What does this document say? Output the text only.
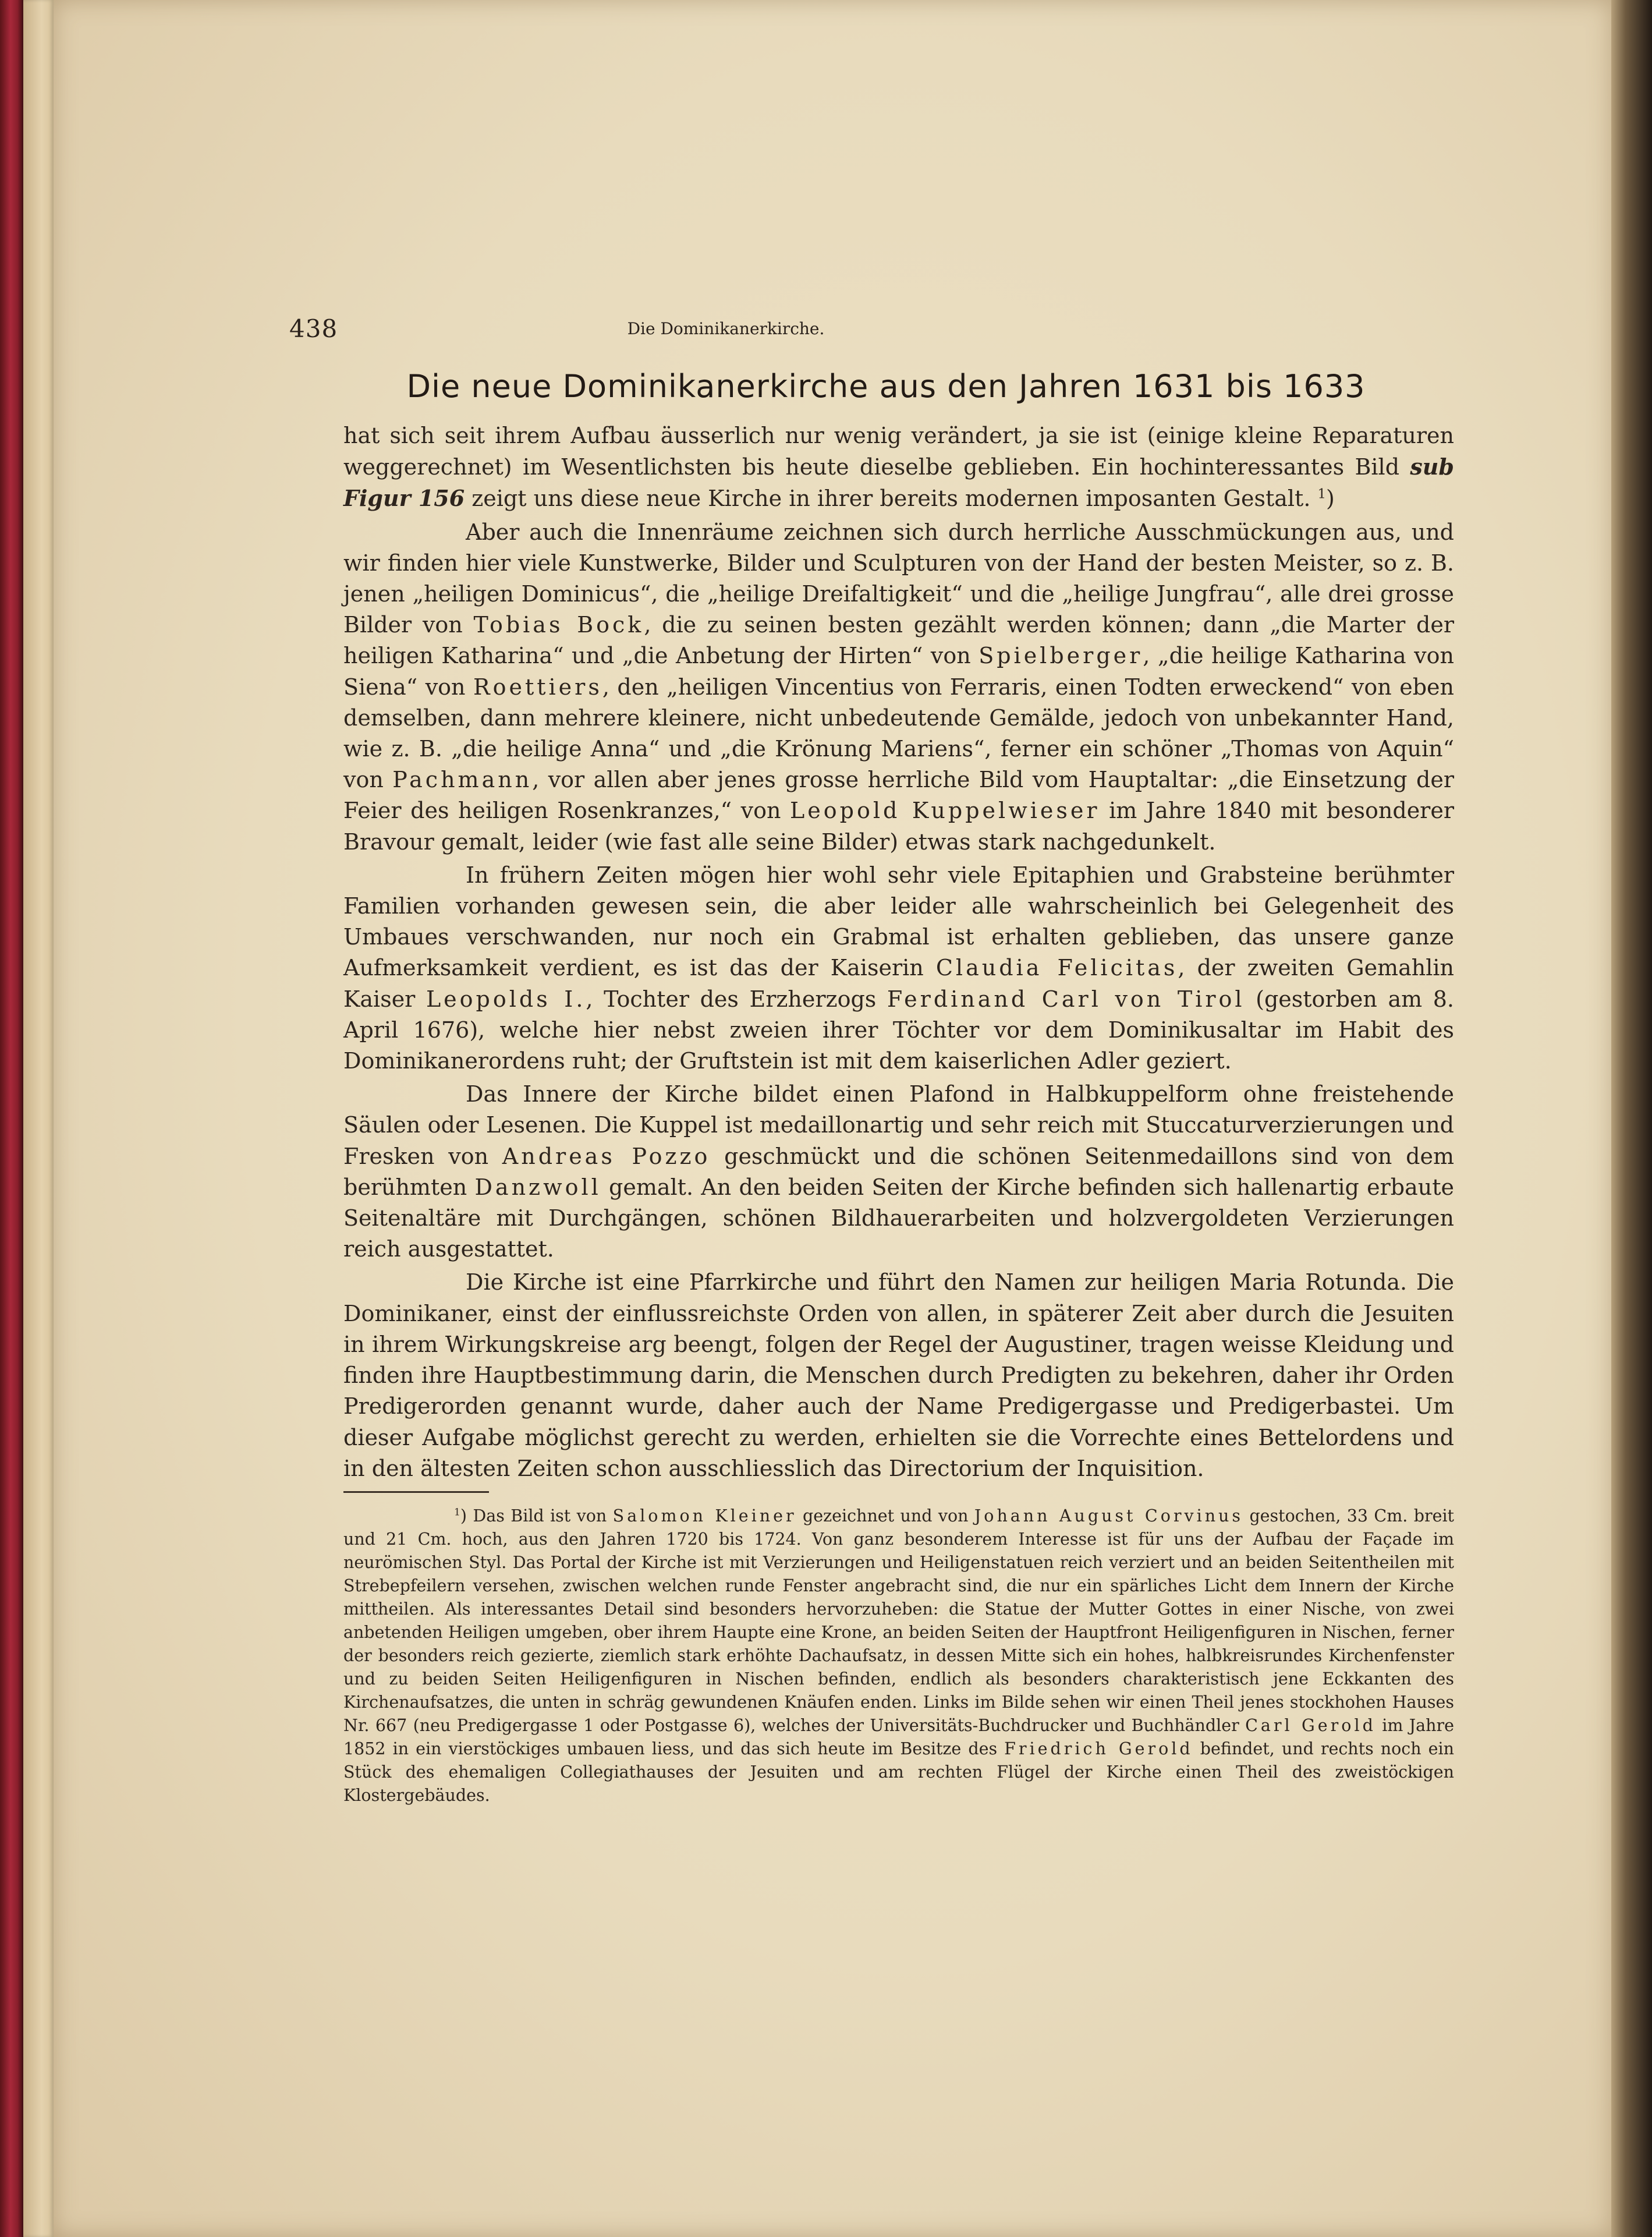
438	Die Dominikanerkirche.
Die neue Dominikanerkirche aus den Jahren 1631 bis 1633

hat sich seit ihrem Aufbau äusserlich nur wenig verändert, ja sie ist (einige kleine Reparaturen weggerechnet) im Wesentlichsten bis heute dieselbe geblieben. Ein hochinteressantes Bild sub Figur 156 zeigt uns diese neue Kirche in ihrer bereits modernen imposanten Gestalt. $^1$)

Aber auch die Innenräume zeichnen sich durch herrliche Ausschmückungen aus, und wir finden hier viele Kunstwerke, Bilder und Sculpturen von der Hand der besten Meister, so z. B. jenen „heiligen Dominicus“, die „heilige Dreifaltigkeit“ und die „heilige Jungfrau“, alle drei grosse Bilder von Tobias Bock, die zu seinen besten gezählt werden können; dann „die Marter der heiligen Katharina“ und „die Anbetung der Hirten“ von Spielberger, „die heilige Katharina von Siena“ von Roettiers, den „heiligen Vincentius von Ferraris, einen Todten erweckend“ von eben demselben, dann mehrere kleinere, nicht unbedeutende Gemälde, jedoch von unbekannter Hand, wie z. B. „die heilige Anna“ und „die Krönung Mariens“, ferner ein schöner „Thomas von Aquin“ von Pachmann, vor allen aber jenes grosse herrliche Bild vom Hauptaltar: „die Einsetzung der Feier des heiligen Rosenkranzes,“ von Leopold Kuppelwieser im Jahre 1840 mit besonderer Bravour gemalt, leider (wie fast alle seine Bilder) etwas stark nachgedunkelt.

In frühern Zeiten mögen hier wohl sehr viele Epitaphien und Grabsteine berühmter Familien vorhanden gewesen sein, die aber leider alle wahrscheinlich bei Gelegenheit des Umbaues verschwanden, nur noch ein Grabmal ist erhalten geblieben, das unsere ganze Aufmerksamkeit verdient, es ist das der Kaiserin Claudia Felicitas, der zweiten Gemahlin Kaiser Leopolds I., Tochter des Erzherzogs Ferdinand Carl von Tirol (gestorben am 8. April 1676), welche hier nebst zweien ihrer Töchter vor dem Dominikusaltar im Habit des Dominikanerordens ruht; der Gruftstein ist mit dem kaiserlichen Adler geziert.

Das Innere der Kirche bildet einen Plafond in Halbkuppelform ohne freistehende Säulen oder Lesenen. Die Kuppel ist medaillonartig und sehr reich mit Stuccaturverzierungen und Fresken von Andreas Pozzo geschmückt und die schönen Seitenmedaillons sind von dem berühmten Danzwoll gemalt. An den beiden Seiten der Kirche befinden sich hallenartig erbaute Seitenaltäre mit Durchgängen, schönen Bildhauerarbeiten und holzvergoldeten Verzierungen reich ausgestattet.

Die Kirche ist eine Pfarrkirche und führt den Namen zur heiligen Maria Rotunda. Die Dominikaner, einst der einflussreichste Orden von allen, in späterer Zeit aber durch die Jesuiten in ihrem Wirkungskreise arg beengt, folgen der Regel der Augustiner, tragen weisse Kleidung und finden ihre Hauptbestimmung darin, die Menschen durch Predigten zu bekehren, daher ihr Orden Predigerorden genannt wurde, daher auch der Name Predigergasse und Predigerbastei. Um dieser Aufgabe möglichst gerecht zu werden, erhielten sie die Vorrechte eines Bettelordens und in den ältesten Zeiten schon ausschliesslich das Directorium der Inquisition.

$^1$) Das Bild ist von Salomon Kleiner gezeichnet und von Johann August Corvinus gestochen, 33 Cm. breit und 21 Cm. hoch, aus den Jahren 1720 bis 1724. Von ganz besonderem Interesse ist für uns der Aufbau der Façade im neurömischen Styl. Das Portal der Kirche ist mit Verzierungen und Heiligenstatuen reich verziert und an beiden Seitentheilen mit Strebepfeilern versehen, zwischen welchen runde Fenster angebracht sind, die nur ein spärliches Licht dem Innern der Kirche mittheilen. Als interessantes Detail sind besonders hervorzuheben: die Statue der Mutter Gottes in einer Nische, von zwei anbetenden Heiligen umgeben, ober ihrem Haupte eine Krone, an beiden Seiten der Hauptfront Heiligenfiguren in Nischen, ferner der besonders reich gezierte, ziemlich stark erhöhte Dachaufsatz, in dessen Mitte sich ein hohes, halbkreisrundes Kirchenfenster und zu beiden Seiten Heiligenfiguren in Nischen befinden, endlich als besonders charakteristisch jene Eckkanten des Kirchenaufsatzes, die unten in schräg gewundenen Knäufen enden. Links im Bilde sehen wir einen Theil jenes stockhohen Hauses Nr. 667 (neu Predigergasse 1 oder Postgasse 6), welches der Universitäts-Buchdrucker und Buchhändler Carl Gerold im Jahre 1852 in ein vierstöckiges umbauen liess, und das sich heute im Besitze des Friedrich Gerold befindet, und rechts noch ein Stück des ehemaligen Collegiathauses der Jesuiten und am rechten Flügel der Kirche einen Theil des zweistöckigen Klostergebäudes.
